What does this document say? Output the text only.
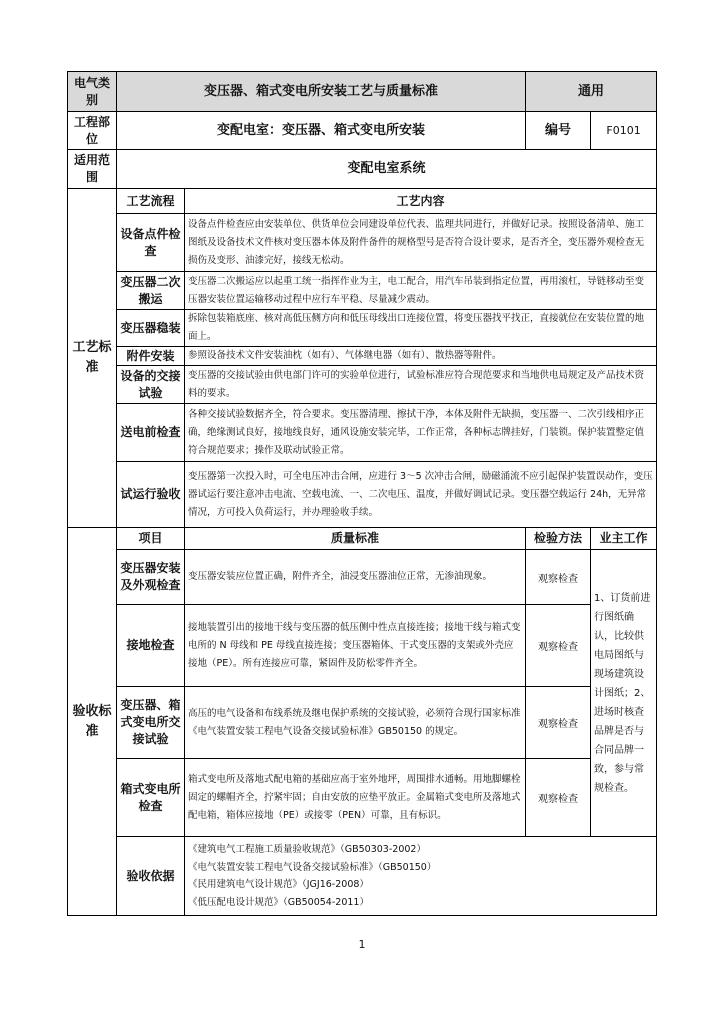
电气类别	变压器、箱式变电所安装工艺与质量标准		通用	
工程部位	变配电室：变压器、箱式变电所安装		编号	F0101
适用范围	变配电室系统			
工艺标准	工艺流程	工艺内容		
	设备点件检查	设备点件检查应由安装单位、供货单位会同建设单位代表、监理共同进行，并做好记录。按照设备清单、施工图纸及设备技术文件核对变压器本体及附件备件的规格型号是否符合设计要求，是否齐全，变压器外观检查无损伤及变形、油漆完好，接线无松动。		
	变压器二次搬运	变压器二次搬运应以起重工统一指挥作业为主，电工配合，用汽车吊装到指定位置，再用滚杠，导链移动至变压器安装位置运输移动过程中应行车平稳、尽量减少震动。		
	变压器稳装	拆除包装箱底座、核对高低压侧方向和低压母线出口连接位置，将变压器找平找正，直接就位在安装位置的地面上。		
	附件安装	参照设备技术文件安装油枕（如有）、气体继电器（如有）、散热器等附件。		
	设备的交接试验	变压器的交接试验由供电部门许可的实验单位进行，试验标准应符合现范要求和当地供电局规定及产品技术资料的要求。		
	送电前检查	各种交接试验数据齐全，符合要求。变压器清理、擦拭干净，本体及附件无缺损，变压器一、二次引线相序正确，绝缘测试良好，接地线良好，通风设施安装完毕，工作正常，各种标志牌挂好，门装锁。保护装置整定值符合规范要求；操作及联动试验正常。		
	试运行验收	变压器第一次投入时，可全电压冲击合闸，应进行 3～5 次冲击合闸，励磁涌流不应引起保护装置误动作，变压器试运行要注意冲击电流、空载电流、一、二次电压、温度，并做好调试记录。变压器空载运行 24h，无异常情况，方可投入负荷运行，并办理验收手续。		
验收标准	项目	质量标准	检验方法	业主工作
	变压器安装及外观检查	变压器安装应位置正确，附件齐全，油浸变压器油位正常，无渗油现象。	观察检查	1、订货前进行图纸确认，比较供电局图纸与现场建筑设计图纸；2、进场时核查品牌是否与合同品牌一致，参与常规检查。
	接地检查	接地装置引出的接地干线与变压器的低压侧中性点直接连接；接地干线与箱式变电所的 N 母线和 PE 母线直接连接；变压器箱体、干式变压器的支架或外壳应接地（PE）。所有连接应可靠，紧固件及防松零件齐全。	观察检查	
	变压器、箱式变电所交接试验	高压的电气设备和布线系统及继电保护系统的交接试验，必须符合现行国家标准《电气装置安装工程电气设备交接试验标准》GB50150 的规定。	观察检查	
	箱式变电所检查	箱式变电所及落地式配电箱的基础应高于室外地坪，周围排水通畅。用地脚螺栓固定的螺帽齐全，拧紧牢固；自由安放的应垫平放正。金属箱式变电所及落地式配电箱，箱体应接地（PE）或接零（PEN）可靠，且有标识。	观察检查	
	验收依据	《建筑电气工程施工质量验收规范》（GB50303-2002）
《电气装置安装工程电气设备交接试验标准》（GB50150）
《民用建筑电气设计规范》（JGJ16-2008）
《低压配电设计规范》（GB50054-2011）		
1
